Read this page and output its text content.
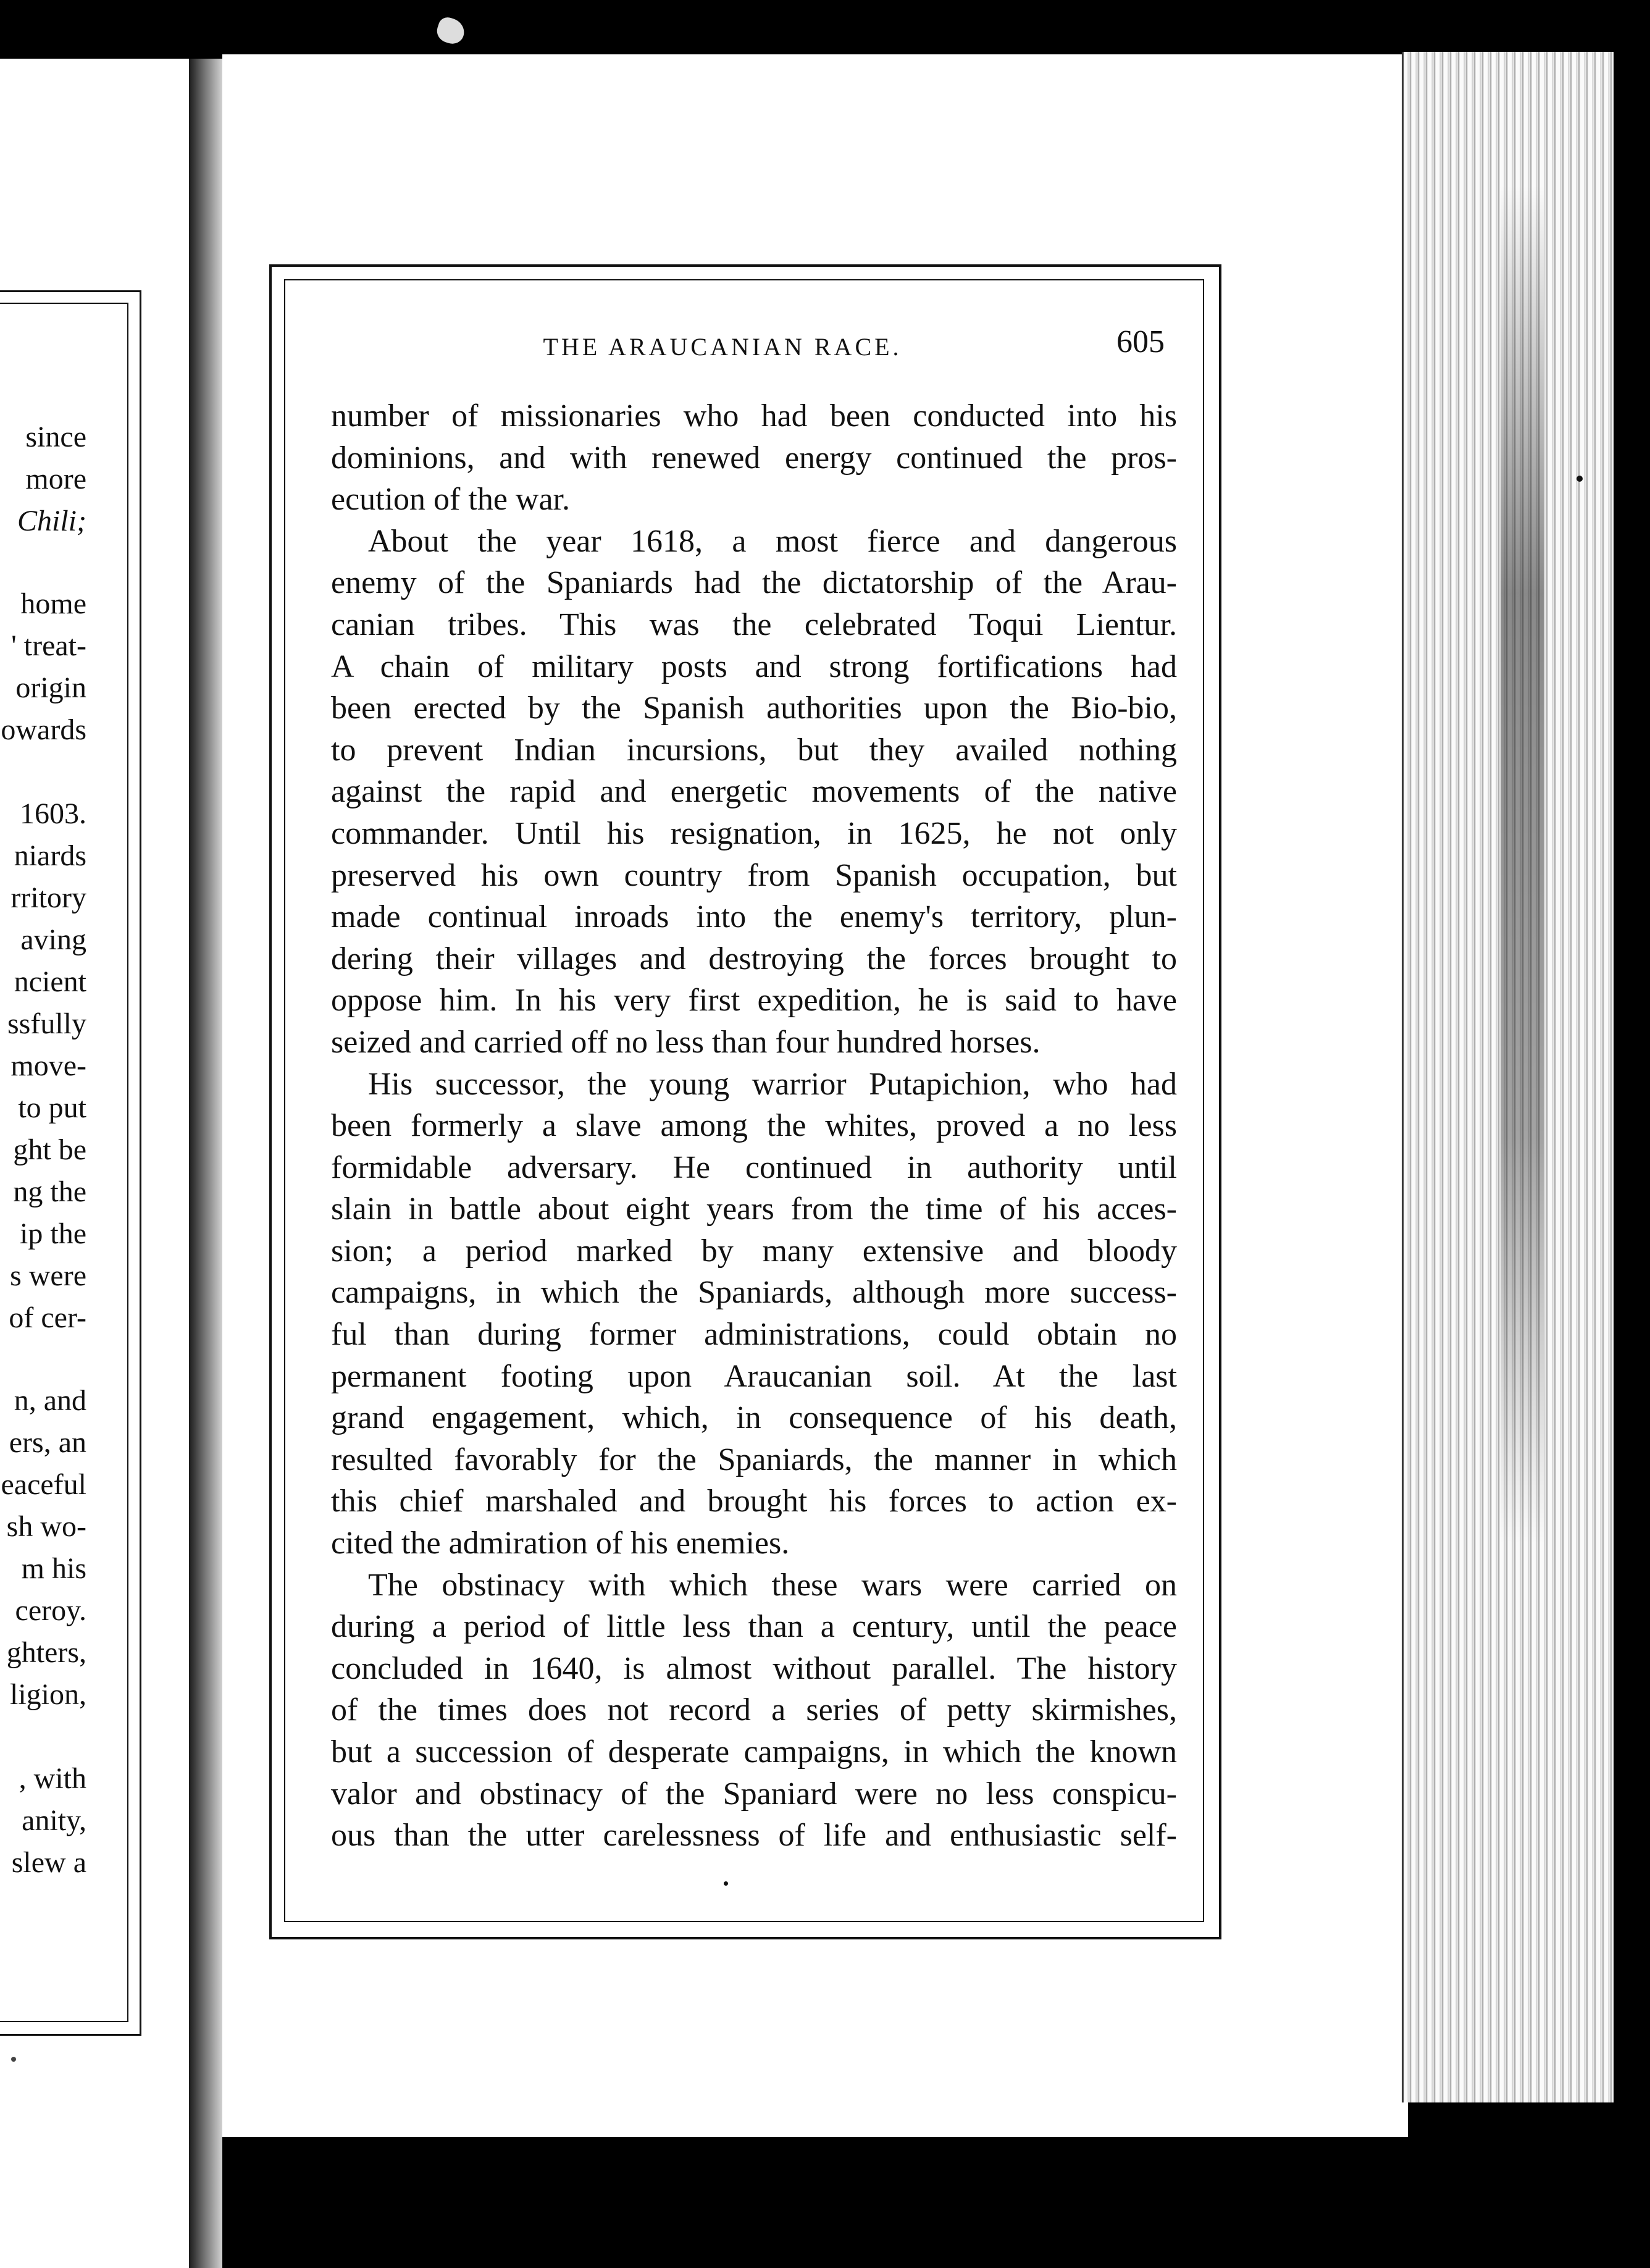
since
more
Chili;
home
' treat-
origin
owards
1603.
niards
rritory
aving
ncient
ssfully
move-
to put
ght be
ng the
ip the
s were
of cer-
n, and
ers, an
eaceful
sh wo-
m his
ceroy.
ghters,
ligion,
, with
anity,
slew a
THE ARAUCANIAN RACE.	605
number of missionaries who had been conducted into his
dominions, and with renewed energy continued the pros-
ecution of the war.
About the year 1618, a most fierce and dangerous
enemy of the Spaniards had the dictatorship of the Arau-
canian tribes. This was the celebrated Toqui Lientur.
A chain of military posts and strong fortifications had
been erected by the Spanish authorities upon the Bio-bio,
to prevent Indian incursions, but they availed nothing
against the rapid and energetic movements of the native
commander. Until his resignation, in 1625, he not only
preserved his own country from Spanish occupation, but
made continual inroads into the enemy's territory, plun-
dering their villages and destroying the forces brought to
oppose him. In his very first expedition, he is said to have
seized and carried off no less than four hundred horses.
His successor, the young warrior Putapichion, who had
been formerly a slave among the whites, proved a no less
formidable adversary. He continued in authority until
slain in battle about eight years from the time of his acces-
sion; a period marked by many extensive and bloody
campaigns, in which the Spaniards, although more success-
ful than during former administrations, could obtain no
permanent footing upon Araucanian soil. At the last
grand engagement, which, in consequence of his death,
resulted favorably for the Spaniards, the manner in which
this chief marshaled and brought his forces to action ex-
cited the admiration of his enemies.
The obstinacy with which these wars were carried on
during a period of little less than a century, until the peace
concluded in 1640, is almost without parallel. The history
of the times does not record a series of petty skirmishes,
but a succession of desperate campaigns, in which the known
valor and obstinacy of the Spaniard were no less conspicu-
ous than the utter carelessness of life and enthusiastic self-
